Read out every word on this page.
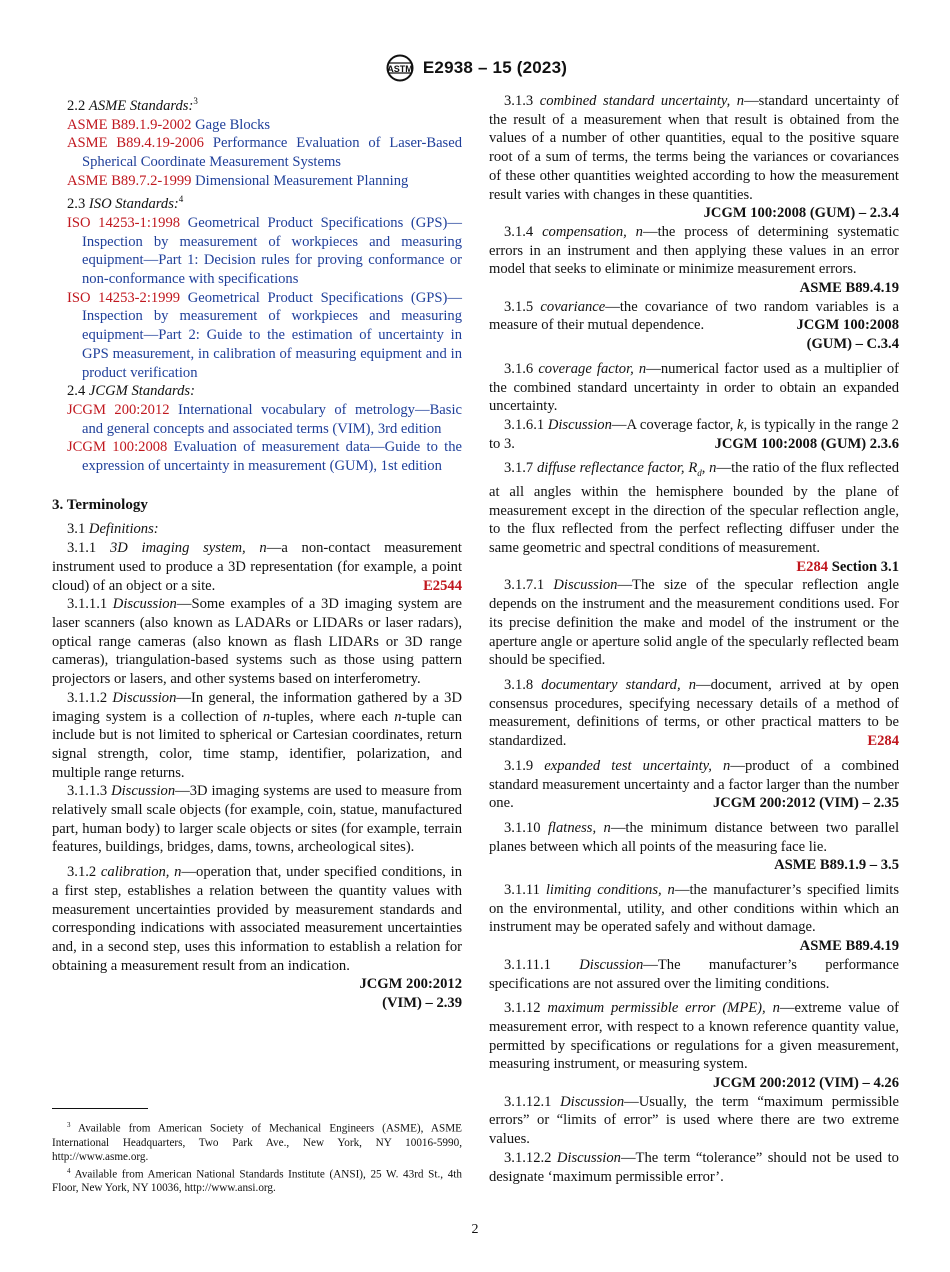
ASTM E2938 – 15 (2023)

2.2 ASME Standards:$^3$

ASME B89.1.9-2002 Gage Blocks

ASME B89.4.19-2006 Performance Evaluation of Laser-Based Spherical Coordinate Measurement Systems

ASME B89.7.2-1999 Dimensional Measurement Planning

2.3 ISO Standards:$^4$

ISO 14253-1:1998 Geometrical Product Specifications (GPS)—Inspection by measurement of workpieces and measuring equipment—Part 1: Decision rules for proving conformance or non-conformance with specifications

ISO 14253-2:1999 Geometrical Product Specifications (GPS)—Inspection by measurement of workpieces and measuring equipment—Part 2: Guide to the estimation of uncertainty in GPS measurement, in calibration of measuring equipment and in product verification

2.4 JCGM Standards:

JCGM 200:2012 International vocabulary of metrology—Basic and general concepts and associated terms (VIM), 3rd edition

JCGM 100:2008 Evaluation of measurement data—Guide to the expression of uncertainty in measurement (GUM), 1st edition

3. Terminology

3.1 Definitions:

3.1.1 3D imaging system, n—a non-contact measurement instrument used to produce a 3D representation (for example, a point cloud) of an object or a site.	E2544

3.1.1.1 Discussion—Some examples of a 3D imaging system are laser scanners (also known as LADARs or LIDARs or laser radars), optical range cameras (also known as flash LIDARs or 3D range cameras), triangulation-based systems such as those using pattern projectors or lasers, and other systems based on interferometry.

3.1.1.2 Discussion—In general, the information gathered by a 3D imaging system is a collection of n-tuples, where each n-tuple can include but is not limited to spherical or Cartesian coordinates, return signal strength, color, time stamp, identifier, polarization, and multiple range returns.

3.1.1.3 Discussion—3D imaging systems are used to measure from relatively small scale objects (for example, coin, statue, manufactured part, human body) to larger scale objects or sites (for example, terrain features, buildings, bridges, dams, towns, archeological sites).

3.1.2 calibration, n—operation that, under specified conditions, in a first step, establishes a relation between the quantity values with measurement uncertainties provided by measurement standards and corresponding indications with associated measurement uncertainties and, in a second step, uses this information to establish a relation for obtaining a measurement result from an indication.
JCGM 200:2012
(VIM) – 2.39

$^3$ Available from American Society of Mechanical Engineers (ASME), ASME International Headquarters, Two Park Ave., New York, NY 10016-5990, http://www.asme.org.

$^4$ Available from American National Standards Institute (ANSI), 25 W. 43rd St., 4th Floor, New York, NY 10036, http://www.ansi.org.

3.1.3 combined standard uncertainty, n—standard uncertainty of the result of a measurement when that result is obtained from the values of a number of other quantities, equal to the positive square root of a sum of terms, the terms being the variances or covariances of these other quantities weighted according to how the measurement result varies with changes in these quantities.
JCGM 100:2008 (GUM) – 2.3.4

3.1.4 compensation, n—the process of determining systematic errors in an instrument and then applying these values in an error model that seeks to eliminate or minimize measurement errors.
ASME B89.4.19

3.1.5 covariance—the covariance of two random variables is a measure of their mutual dependence.	JCGM 100:2008
(GUM) – C.3.4

3.1.6 coverage factor, n—numerical factor used as a multiplier of the combined standard uncertainty in order to obtain an expanded uncertainty.

3.1.6.1 Discussion—A coverage factor, k, is typically in the range 2 to 3.	JCGM 100:2008 (GUM) 2.3.6

3.1.7 diffuse reflectance factor, $R_d$, n—the ratio of the flux reflected at all angles within the hemisphere bounded by the plane of measurement except in the direction of the specular reflection angle, to the flux reflected from the perfect reflecting diffuser under the same geometric and spectral conditions of measurement.
E284 Section 3.1

3.1.7.1 Discussion—The size of the specular reflection angle depends on the instrument and the measurement conditions used. For its precise definition the make and model of the instrument or the aperture angle or aperture solid angle of the specularly reflected beam should be specified.

3.1.8 documentary standard, n—document, arrived at by open consensus procedures, specifying necessary details of a method of measurement, definitions of terms, or other practical matters to be standardized.	E284

3.1.9 expanded test uncertainty, n—product of a combined standard measurement uncertainty and a factor larger than the number one.	JCGM 200:2012 (VIM) – 2.35

3.1.10 flatness, n—the minimum distance between two parallel planes between which all points of the measuring face lie.
ASME B89.1.9 – 3.5

3.1.11 limiting conditions, n—the manufacturer’s specified limits on the environmental, utility, and other conditions within which an instrument may be operated safely and without damage.
ASME B89.4.19

3.1.11.1 Discussion—The manufacturer’s performance specifications are not assured over the limiting conditions.

3.1.12 maximum permissible error (MPE), n—extreme value of measurement error, with respect to a known reference quantity value, permitted by specifications or regulations for a given measurement, measuring instrument, or measuring system.
JCGM 200:2012 (VIM) – 4.26

3.1.12.1 Discussion—Usually, the term “maximum permissible errors” or “limits of error” is used where there are two extreme values.

3.1.12.2 Discussion—The term “tolerance” should not be used to designate ‘maximum permissible error’.

2
